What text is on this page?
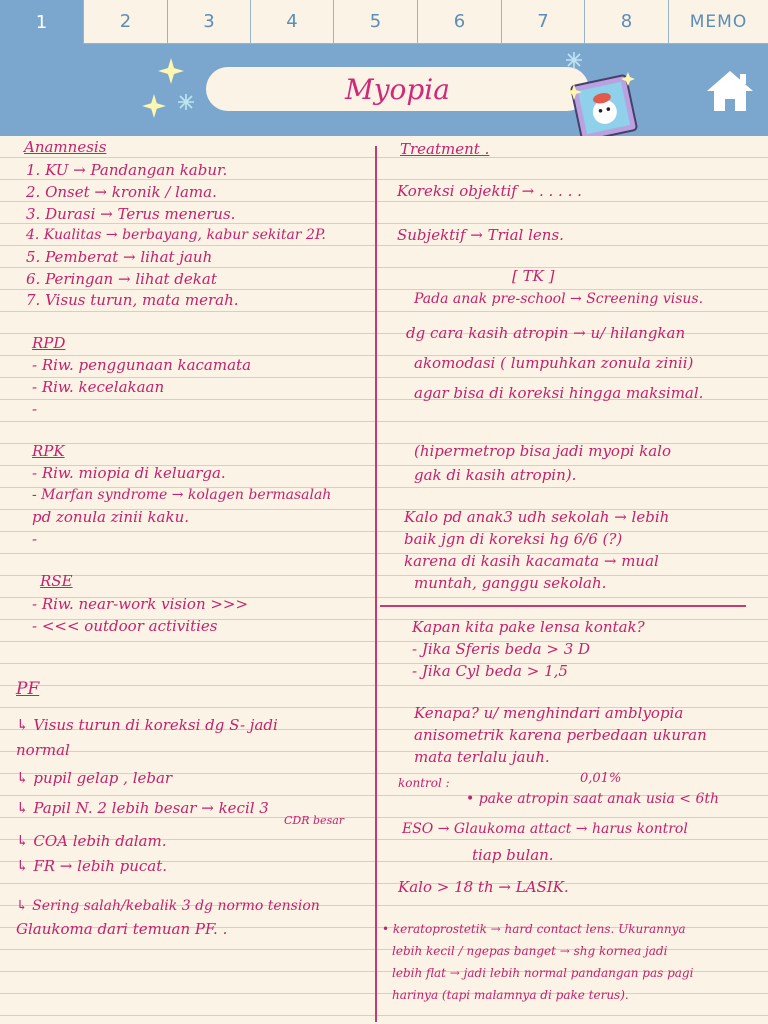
1	2	3	4	5	6	7	8	MEMO
Myopia
Anamnesis
1. KU → Pandangan kabur.
2. Onset → kronik / lama.
3. Durasi → Terus menerus.
4. Kualitas → berbayang, kabur sekitar 2P.
5. Pemberat → lihat jauh
6. Peringan → lihat dekat
7. Visus turun, mata merah.
RPD
- Riw. penggunaan kacamata
- Riw. kecelakaan
-
RPK
- Riw. miopia di keluarga.
- Marfan syndrome → kolagen bermasalah
pd zonula zinii kaku.
-
RSE
- Riw. near-work vision >>>
- <<< outdoor activities
PF
↳ Visus turun di koreksi dg S- jadi
normal
↳ pupil gelap , lebar
↳ Papil N. 2 lebih besar → kecil 3
CDR besar
↳ COA lebih dalam.
↳ FR → lebih pucat.
↳ Sering salah/kebalik 3 dg normo tension
Glaukoma dari temuan PF. .
Treatment .
Koreksi objektif → . . . . .
Subjektif → Trial lens.
[ TK ]
Pada anak pre-school → Screening visus.
dg cara kasih atropin → u/ hilangkan
akomodasi ( lumpuhkan zonula zinii)
agar bisa di koreksi hingga maksimal.
(hipermetrop bisa jadi myopi kalo
gak di kasih atropin).
Kalo pd anak3 udh sekolah → lebih
baik jgn di koreksi hg 6/6 (?)
karena di kasih kacamata → mual
muntah, ganggu sekolah.
Kapan kita pake lensa kontak?
- Jika Sferis beda > 3 D
- Jika Cyl beda > 1,5
Kenapa? u/ menghindari amblyopia
anisometrik karena perbedaan ukuran
mata terlalu jauh.
kontrol :	0,01%
• pake atropin saat anak usia < 6th
ESO → Glaukoma attact → harus kontrol
tiap bulan.
Kalo > 18 th → LASIK.
• keratoprostetik → hard contact lens. Ukurannya
lebih kecil / ngepas banget → shg kornea jadi
lebih flat → jadi lebih normal pandangan pas pagi
harinya (tapi malamnya di pake terus).
